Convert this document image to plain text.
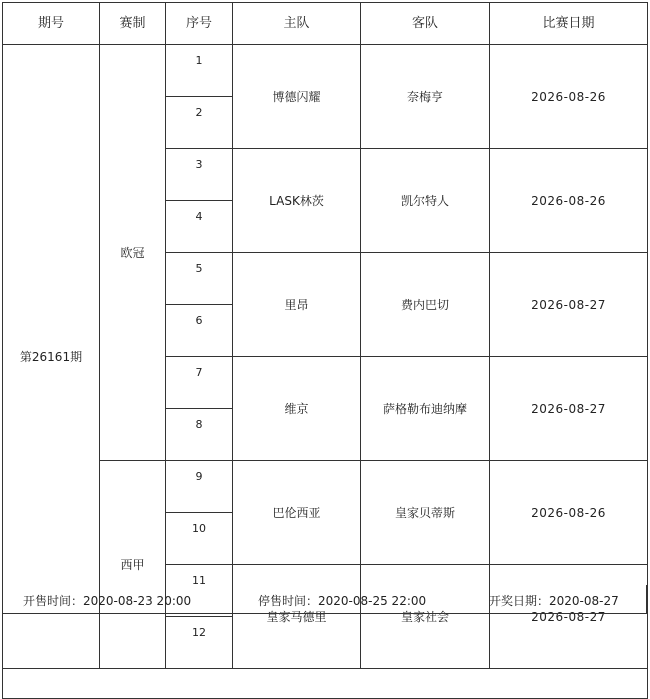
期号	赛制	序号	主队	客队	比赛日期
第26161期	欧冠	1	博德闪耀	奈梅亨	2026-08-26
		2			
		3	LASK林茨	凯尔特人	2026-08-26
		4			
		5	里昂	费内巴切	2026-08-27
		6			
		7	维京	萨格勒布迪纳摩	2026-08-27
		8			
	西甲	9	巴伦西亚	皇家贝蒂斯	2026-08-26
		10			
		11	皇家马德里	皇家社会	2026-08-27
		12			

开售时间：2020-08-23 20:00	停售时间：2020-08-25 22:00	开奖日期：2020-08-27
